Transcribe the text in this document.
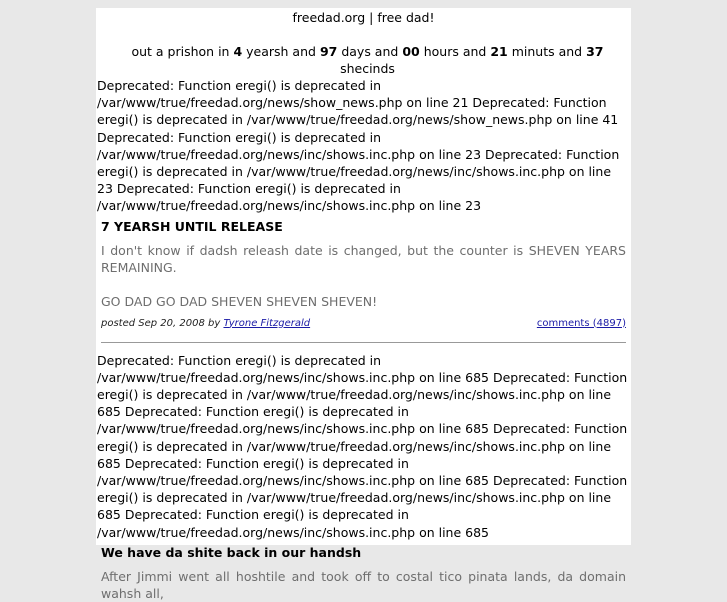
freedad.org | free dad!
out a prishon in 4 yearsh and 97 days and 00 hours and 21 minuts and 37 shecinds
Deprecated: Function eregi() is deprecated in /var/www/true/freedad.org/news/show_news.php on line 21 Deprecated: Function eregi() is deprecated in /var/www/true/freedad.org/news/show_news.php on line 41 Deprecated: Function eregi() is deprecated in /var/www/true/freedad.org/news/inc/shows.inc.php on line 23 Deprecated: Function eregi() is deprecated in /var/www/true/freedad.org/news/inc/shows.inc.php on line 23 Deprecated: Function eregi() is deprecated in /var/www/true/freedad.org/news/inc/shows.inc.php on line 23
7 YEARSH UNTIL RELEASE

I don't know if dadsh releash date is changed, but the counter is SHEVEN YEARS REMAINING.

GO DAD GO DAD SHEVEN SHEVEN SHEVEN!

posted Sep 20, 2008 by Tyrone Fitzgerald	comments (4897)
Deprecated: Function eregi() is deprecated in /var/www/true/freedad.org/news/inc/shows.inc.php on line 685 Deprecated: Function eregi() is deprecated in /var/www/true/freedad.org/news/inc/shows.inc.php on line 685 Deprecated: Function eregi() is deprecated in /var/www/true/freedad.org/news/inc/shows.inc.php on line 685 Deprecated: Function eregi() is deprecated in /var/www/true/freedad.org/news/inc/shows.inc.php on line 685 Deprecated: Function eregi() is deprecated in /var/www/true/freedad.org/news/inc/shows.inc.php on line 685 Deprecated: Function eregi() is deprecated in /var/www/true/freedad.org/news/inc/shows.inc.php on line 685 Deprecated: Function eregi() is deprecated in /var/www/true/freedad.org/news/inc/shows.inc.php on line 685
We have da shite back in our handsh

After Jimmi went all hoshtile and took off to costal tico pinata lands, da domain wahsh all,
